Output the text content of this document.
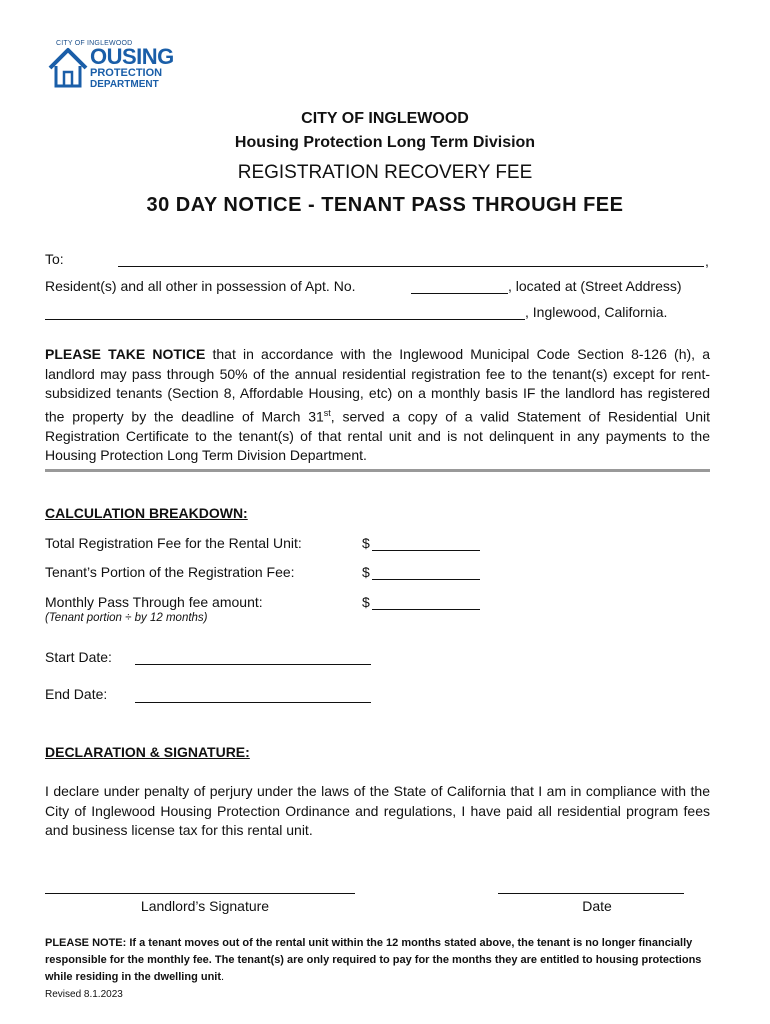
CITY OF INGLEWOOD
OUSING
PROTECTION
DEPARTMENT
CITY OF INGLEWOOD
Housing Protection Long Term Division
REGISTRATION RECOVERY FEE
30 DAY NOTICE - TENANT PASS THROUGH FEE
To:	,
Resident(s) and all other in possession of Apt. No.	, located at (Street Address)
, Inglewood, California.
PLEASE TAKE NOTICE that in accordance with the Inglewood Municipal Code Section 8-126 (h), a landlord may pass through 50% of the annual residential registration fee to the tenant(s) except for rent-subsidized tenants (Section 8, Affordable Housing, etc) on a monthly basis IF the landlord has registered the property by the deadline of March 31st, served a copy of a valid Statement of Residential Unit Registration Certificate to the tenant(s) of that rental unit and is not delinquent in any payments to the Housing Protection Long Term Division Department.
CALCULATION BREAKDOWN:
Total Registration Fee for the Rental Unit:	$
Tenant’s Portion of the Registration Fee:	$
Monthly Pass Through fee amount:	$
(Tenant portion ÷ by 12 months)
Start Date:
End Date:
DECLARATION & SIGNATURE:
I declare under penalty of perjury under the laws of the State of California that I am in compliance with the City of Inglewood Housing Protection Ordinance and regulations, I have paid all residential program fees and business license tax for this rental unit.
Landlord’s Signature	Date
PLEASE NOTE: If a tenant moves out of the rental unit within the 12 months stated above, the tenant is no longer financially responsible for the monthly fee. The tenant(s) are only required to pay for the months they are entitled to housing protections while residing in the dwelling unit.
Revised 8.1.2023
